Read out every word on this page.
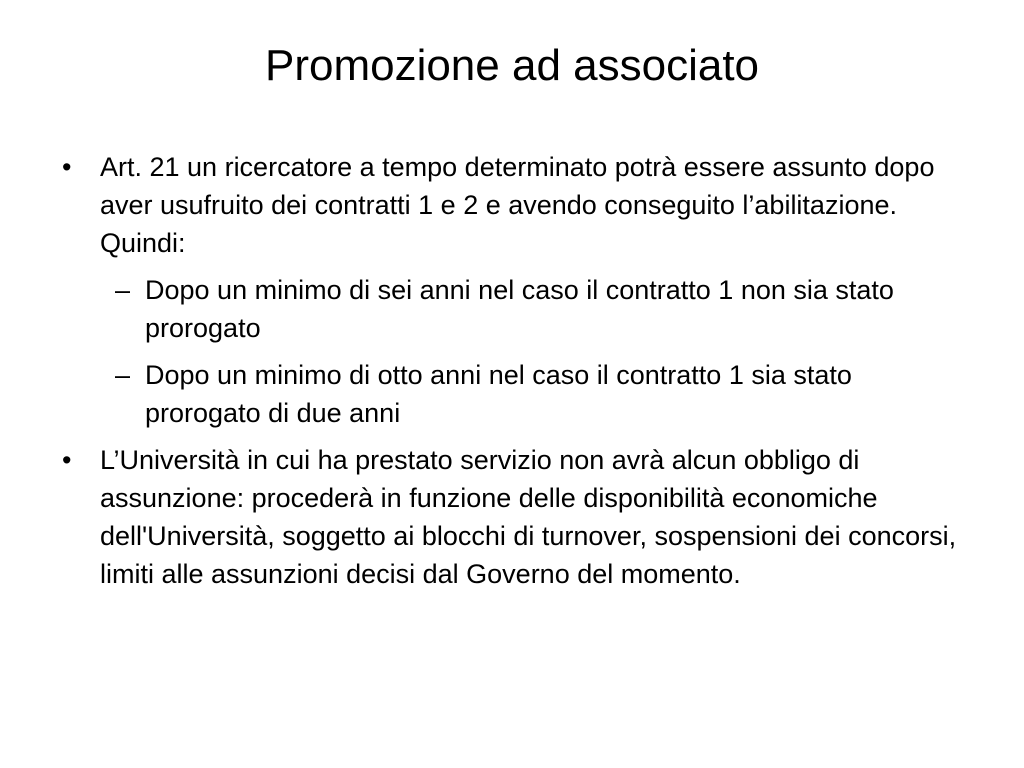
Promozione ad associato
•	Art. 21 un ricercatore a tempo determinato potrà essere assunto dopo aver usufruito dei contratti 1 e 2 e avendo conseguito l’abilitazione. Quindi:
– Dopo un minimo di sei anni nel caso il contratto 1 non sia stato prorogato
– Dopo un minimo di otto anni nel caso il contratto 1 sia stato prorogato di due anni
•	L’Università in cui ha prestato servizio non avrà alcun obbligo di assunzione: procederà in funzione delle disponibilità economiche dell'Università, soggetto ai blocchi di turnover, sospensioni dei concorsi, limiti alle assunzioni decisi dal Governo del momento.
